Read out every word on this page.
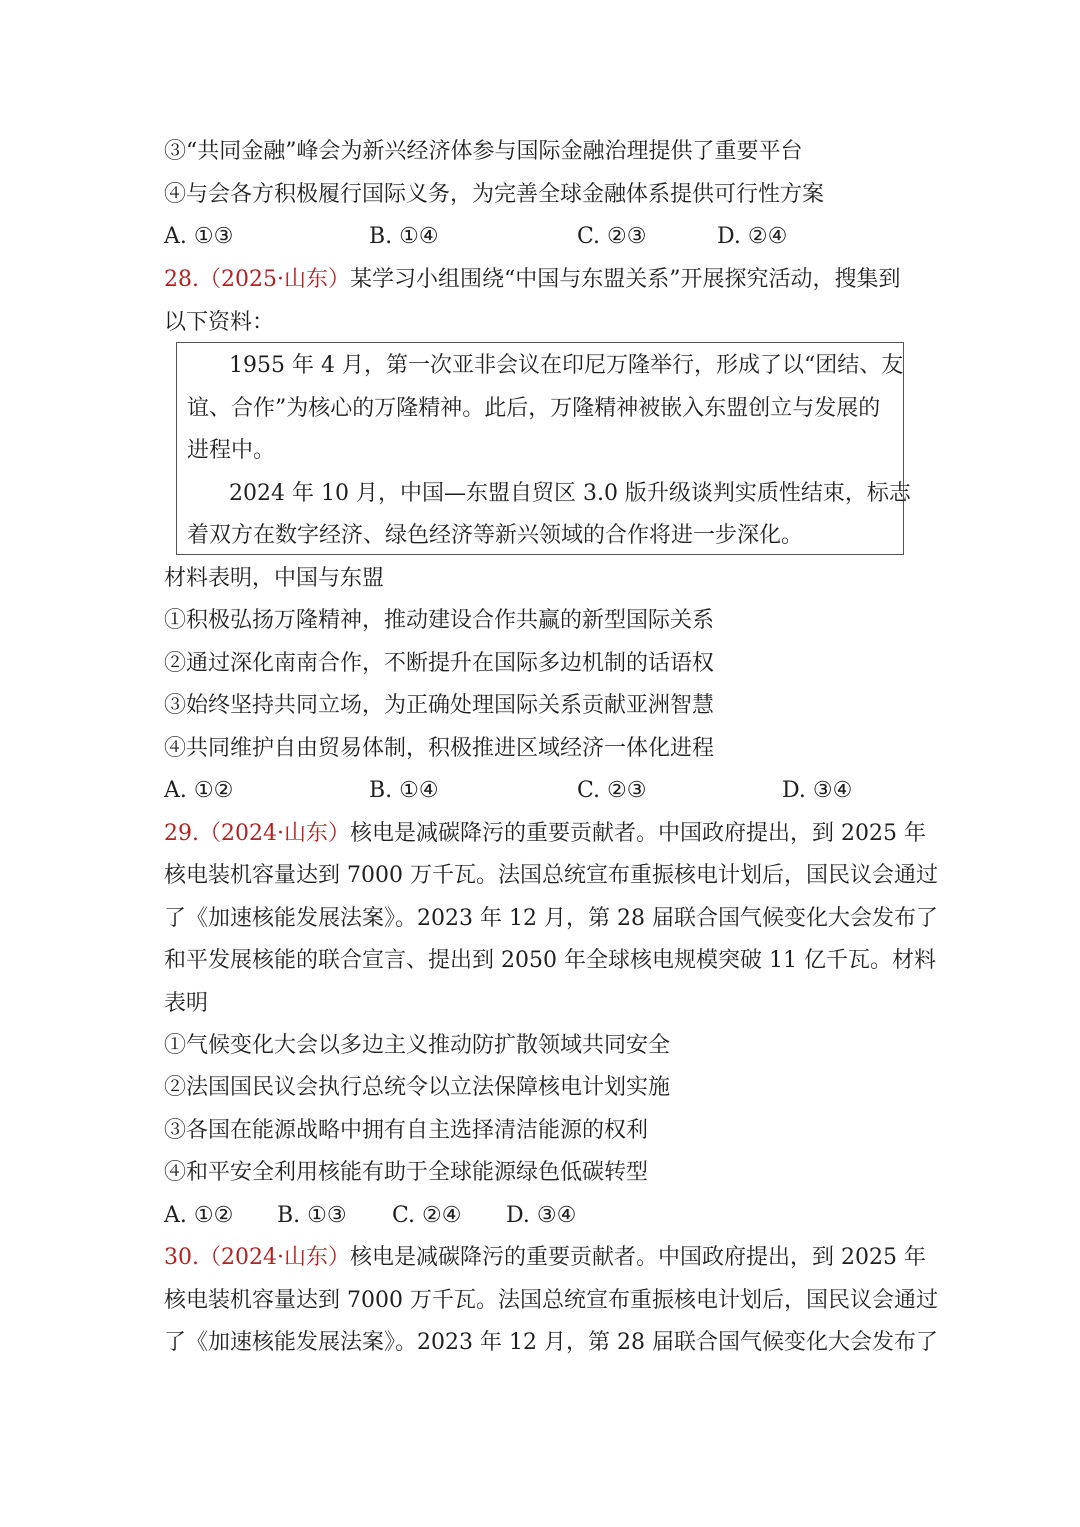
③“共同金融”峰会为新兴经济体参与国际金融治理提供了重要平台
④与会各方积极履行国际义务，为完善全球金融体系提供可行性方案
A. ①③	B. ①④	C. ②③	D. ②④
28.（2025·山东）某学习小组围绕“中国与东盟关系”开展探究活动，搜集到
以下资料：
1955 年 4 月，第一次亚非会议在印尼万隆举行，形成了以“团结、友
谊、合作”为核心的万隆精神。此后，万隆精神被嵌入东盟创立与发展的
进程中。
2024 年 10 月，中国—东盟自贸区 3.0 版升级谈判实质性结束，标志
着双方在数字经济、绿色经济等新兴领域的合作将进一步深化。
材料表明，中国与东盟
①积极弘扬万隆精神，推动建设合作共赢的新型国际关系
②通过深化南南合作，不断提升在国际多边机制的话语权
③始终坚持共同立场，为正确处理国际关系贡献亚洲智慧
④共同维护自由贸易体制，积极推进区域经济一体化进程
A. ①②	B. ①④	C. ②③	D. ③④
29.（2024·山东）核电是减碳降污的重要贡献者。中国政府提出，到 2025 年
核电装机容量达到 7000 万千瓦。法国总统宣布重振核电计划后，国民议会通过
了《加速核能发展法案》。2023 年 12 月，第 28 届联合国气候变化大会发布了
和平发展核能的联合宣言、提出到 2050 年全球核电规模突破 11 亿千瓦。材料
表明
①气候变化大会以多边主义推动防扩散领域共同安全
②法国国民议会执行总统令以立法保障核电计划实施
③各国在能源战略中拥有自主选择清洁能源的权利
④和平安全利用核能有助于全球能源绿色低碳转型
A. ①② B. ①③ C. ②④ D. ③④
30.（2024·山东）核电是减碳降污的重要贡献者。中国政府提出，到 2025 年
核电装机容量达到 7000 万千瓦。法国总统宣布重振核电计划后，国民议会通过
了《加速核能发展法案》。2023 年 12 月，第 28 届联合国气候变化大会发布了
